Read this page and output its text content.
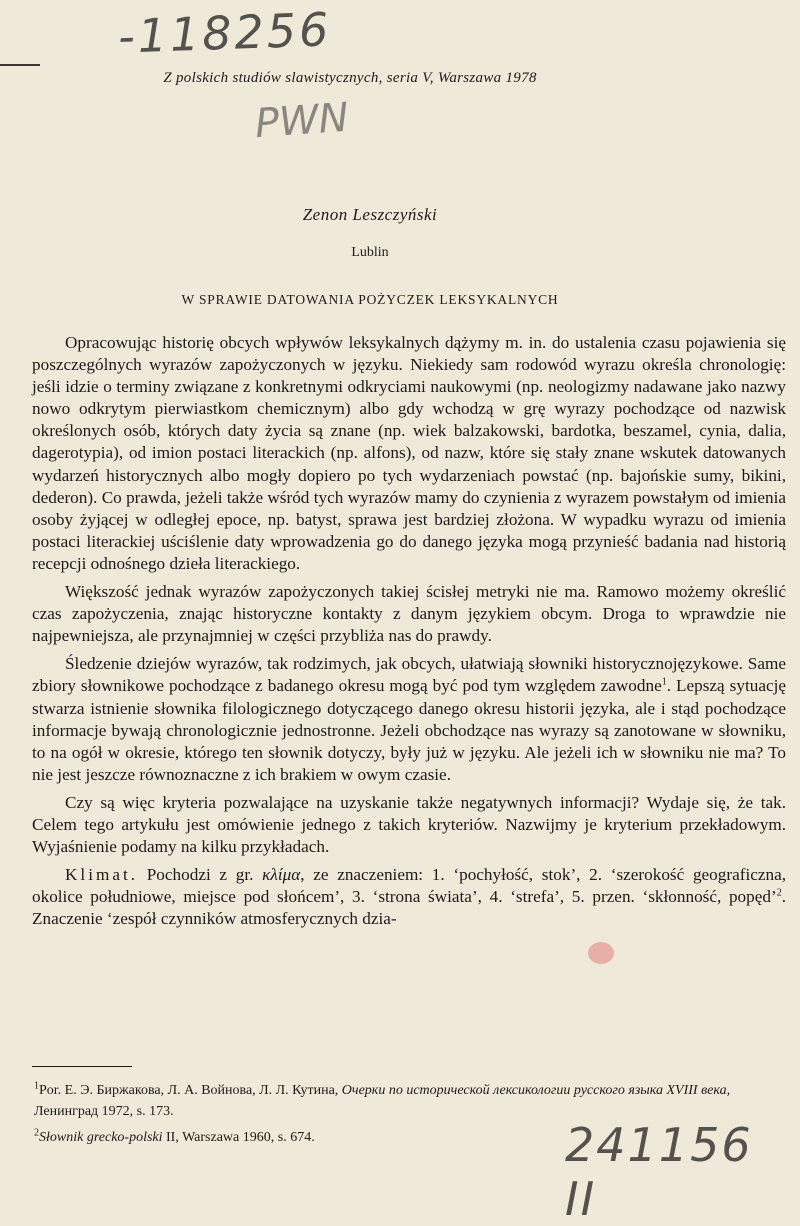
-118256
PWN
Z polskich studiów slawistycznych, seria V, Warszawa 1978
Zenon Leszczyński
Lublin
W SPRAWIE DATOWANIA POŻYCZEK LEKSYKALNYCH

Opracowując historię obcych wpływów leksykalnych dążymy m. in. do ustalenia czasu pojawienia się poszczególnych wyrazów zapożyczonych w języku. Niekiedy sam rodowód wyrazu określa chronologię: jeśli idzie o terminy związane z konkretnymi odkryciami naukowymi (np. neologizmy nadawane jako nazwy nowo odkrytym pierwiastkom chemicznym) albo gdy wchodzą w grę wyrazy pochodzące od nazwisk określonych osób, których daty życia są znane (np. wiek balzakowski, bardotka, beszamel, cynia, dalia, dagerotypia), od imion postaci literackich (np. alfons), od nazw, które się stały znane wskutek datowanych wydarzeń historycznych albo mogły dopiero po tych wydarzeniach powstać (np. bajońskie sumy, bikini, dederon). Co prawda, jeżeli także wśród tych wyrazów mamy do czynienia z wyrazem powstałym od imienia osoby żyjącej w odległej epoce, np. batyst, sprawa jest bardziej złożona. W wypadku wyrazu od imienia postaci literackiej uściślenie daty wprowadzenia go do danego języka mogą przynieść badania nad historią recepcji odnośnego dzieła literackiego.

Większość jednak wyrazów zapożyczonych takiej ścisłej metryki nie ma. Ramowo możemy określić czas zapożyczenia, znając historyczne kontakty z danym językiem obcym. Droga to wprawdzie nie najpewniejsza, ale przynajmniej w części przybliża nas do prawdy.

Śledzenie dziejów wyrazów, tak rodzimych, jak obcych, ułatwiają słowniki historycznojęzykowe. Same zbiory słownikowe pochodzące z badanego okresu mogą być pod tym względem zawodne$^1$. Lepszą sytuację stwarza istnienie słownika filologicznego dotyczącego danego okresu historii języka, ale i stąd pochodzące informacje bywają chronologicznie jednostronne. Jeżeli obchodzące nas wyrazy są zanotowane w słowniku, to na ogół w okresie, którego ten słownik dotyczy, były już w języku. Ale jeżeli ich w słowniku nie ma? To nie jest jeszcze równoznaczne z ich brakiem w owym czasie.

Czy są więc kryteria pozwalające na uzyskanie także negatywnych informacji? Wydaje się, że tak. Celem tego artykułu jest omówienie jednego z takich kryteriów. Nazwijmy je kryterium przekładowym. Wyjaśnienie podamy na kilku przykładach.

Klimat. Pochodzi z gr. κλίμα, ze znaczeniem: 1. ‘pochyłość, stok’, 2. ‘szerokość geograficzna, okolice południowe, miejsce pod słońcem’, 3. ‘strona świata’, 4. ‘strefa’, 5. przen. ‘skłonność, popęd’$^2$. Znaczenie ‘zespół czynników atmosferycznych dzia-

$^1$Por. Е. Э. Биржакова, Л. А. Войнова, Л. Л. Кутина, Очерки по исторической лексикологии русского языка XVIII века, Ленинград 1972, s. 173.
$^2$Słownik grecko-polski II, Warszawa 1960, s. 674.	241156 II
